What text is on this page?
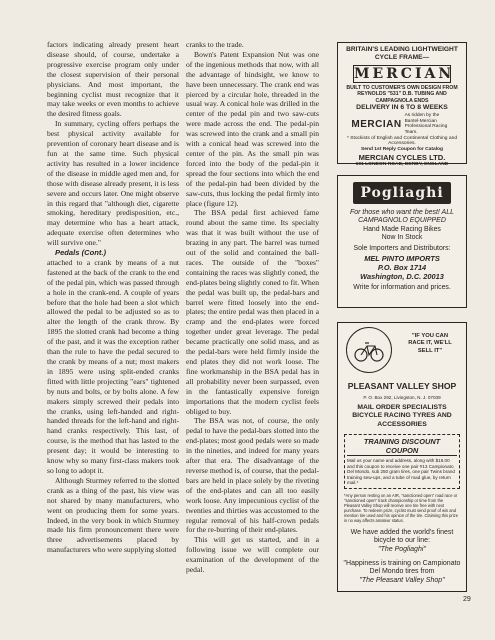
factors indicating already present heart disease should, of course, undertake a progressive exercise program only under the closest supervision of their personal physicians. And most important, the beginning cyclist must recognize that it may take weeks or even months to achieve the desired fitness goals.

In summary, cycling offers perhaps the best physical activity available for prevention of coronary heart disease and is fun at the same time. Such physical activity has resulted in a lower incidence of the disease in middle aged men and, for those with disease already present, it is less severe and occurs later. One might observe in this regard that "although diet, cigarette smoking, hereditary predisposition, etc., may determine who has a heart attack, adequate exercise often determines who will survive one."

Pedals (Cont.)

attached to a crank by means of a nut fastened at the back of the crank to the end of the pedal pin, which was passed through a hole in the crank-end. A couple of years before that the hole had been a slot which allowed the pedal to be adjusted so as to alter the length of the crank throw. By 1895 the slotted crank had become a thing of the past, and it was the exception rather than the rule to have the pedal secured to the crank by means of a nut; most makers in 1895 were using split-ended cranks fitted with little projecting "ears" tightened by nuts and bolts, or by bolts alone. A few makers simply screwed their pedals into the cranks, using left-handed and right-handed threads for the left-hand and right-hand cranks respectively. This last, of course, is the method that has lasted to the present day; it would be interesting to know why so many first-class makers took so long to adopt it.

Although Sturmey referred to the slotted crank as a thing of the past, his view was not shared by many manufacturers, who went on producing them for some years. Indeed, in the very book in which Sturmey made his firm pronouncement there were three advertisements placed by manufacturers who were supplying slotted

cranks to the trade.

Bown's Patent Expansion Nut was one of the ingenious methods that now, with all the advantage of hindsight, we know to have been unnecessary. The crank end was pierced by a circular hole, threaded in the usual way. A conical hole was drilled in the center of the pedal pin and two saw-cuts were made across the end. The pedal-pin was screwed into the crank and a small pin with a conical head was screwed into the center of the pin. As the small pin was forced into the body of the pedal-pin it spread the four sections into which the end of the pedal-pin had been divided by the saw-cuts, thus locking the pedal firmly into place (figure 12).

The BSA pedal first achieved fame round about the same time. Its specialty was that it was built without the use of brazing in any part. The barrel was turned out of the solid and contained the ball-races. The outside of the "boxes" containing the races was slightly coned, the end-plates being slightly coned to fit. When the pedal was built up, the pedal-bars and barrel were fitted loosely into the end-plates; the entire pedal was then placed in a cramp and the end-plates were forced together under great leverage. The pedal became practically one solid mass, and as the pedal-bars were held firmly inside the end plates they did not work loose. The fine workmanship in the BSA pedal has in all probability never been surpassed, even in the fantastically expensive foreign importations that the modern cyclist feels obliged to buy.

The BSA was not, of course, the only pedal to have the pedal-bars slotted into the end-plates; most good pedals were so made in the nineties, and indeed for many years after that era. The disadvantage of the reverse method is, of course, that the pedal-bars are held in place solely by the riveting of the end-plates and can all too easily work loose. Any impecunious cyclist of the twenties and thirties was accustomed to the regular removal of his half-crown pedals for the re-burring of their end-plates.

This will get us started, and in a following issue we will complete our examination of the development of the pedal.

BRITAIN'S LEADING LIGHTWEIGHT CYCLE FRAME—
MERCIAN
BUILT TO CUSTOMER'S OWN DESIGN FROM REYNOLDS "531" D.B. TUBING AND CAMPAGNOLA ENDS
DELIVERY IN 6 TO 8 WEEKS
MERCIAN
As ridden by the Bantel-Mercian Professional Racing Team.
* Stockists of English and Continental Clothing and Accessories.
Send 1st Reply Coupon for Catalog
MERCIAN CYCLES LTD.
191 LONDON ROAD, DERBY, ENGLAND
Pogliaghi
For those who want the best! ALL CAMPAGNOLO EQUIPPED
Hand Made Racing Bikes
Now In Stock
Sole Importers and Distributors:
MEL PINTO IMPORTS
P.O. Box 1714
Washington, D.C. 20013
Write for information and prices.
"IF YOU CAN RACE IT, WE'LL SELL IT"
PLEASANT VALLEY SHOP
P. O. Box 292, Livingston, N. J. 07039
MAIL ORDER SPECIALISTS BICYCLE RACING TYRES AND ACCESSORIES
TRAINING DISCOUNT COUPON
Mail us your name and address, along with $16.00 and this coupon to receive one pair #13 Campionato Del Mondo, sub 250 gram tires, one pair Twins brand training sew-ups, and a tube of road glue, by return mail.*
*Any person resting on an AIR, "sanctioned open" road race or "sanctioned open" track championship or time from the Pleasant Valley Shop will receive one tire free with next purchase. To redeem prize, cyclist must send proof of win and mention tire used and his opinion of the tire. Claiming this prize in no way affects amateur status.
We have added the world's finest bicycle to our line:
"The Pogliaghi"
"Happiness is training on Campionato Del Mondo tires from
"The Pleasant Valley Shop"
29
